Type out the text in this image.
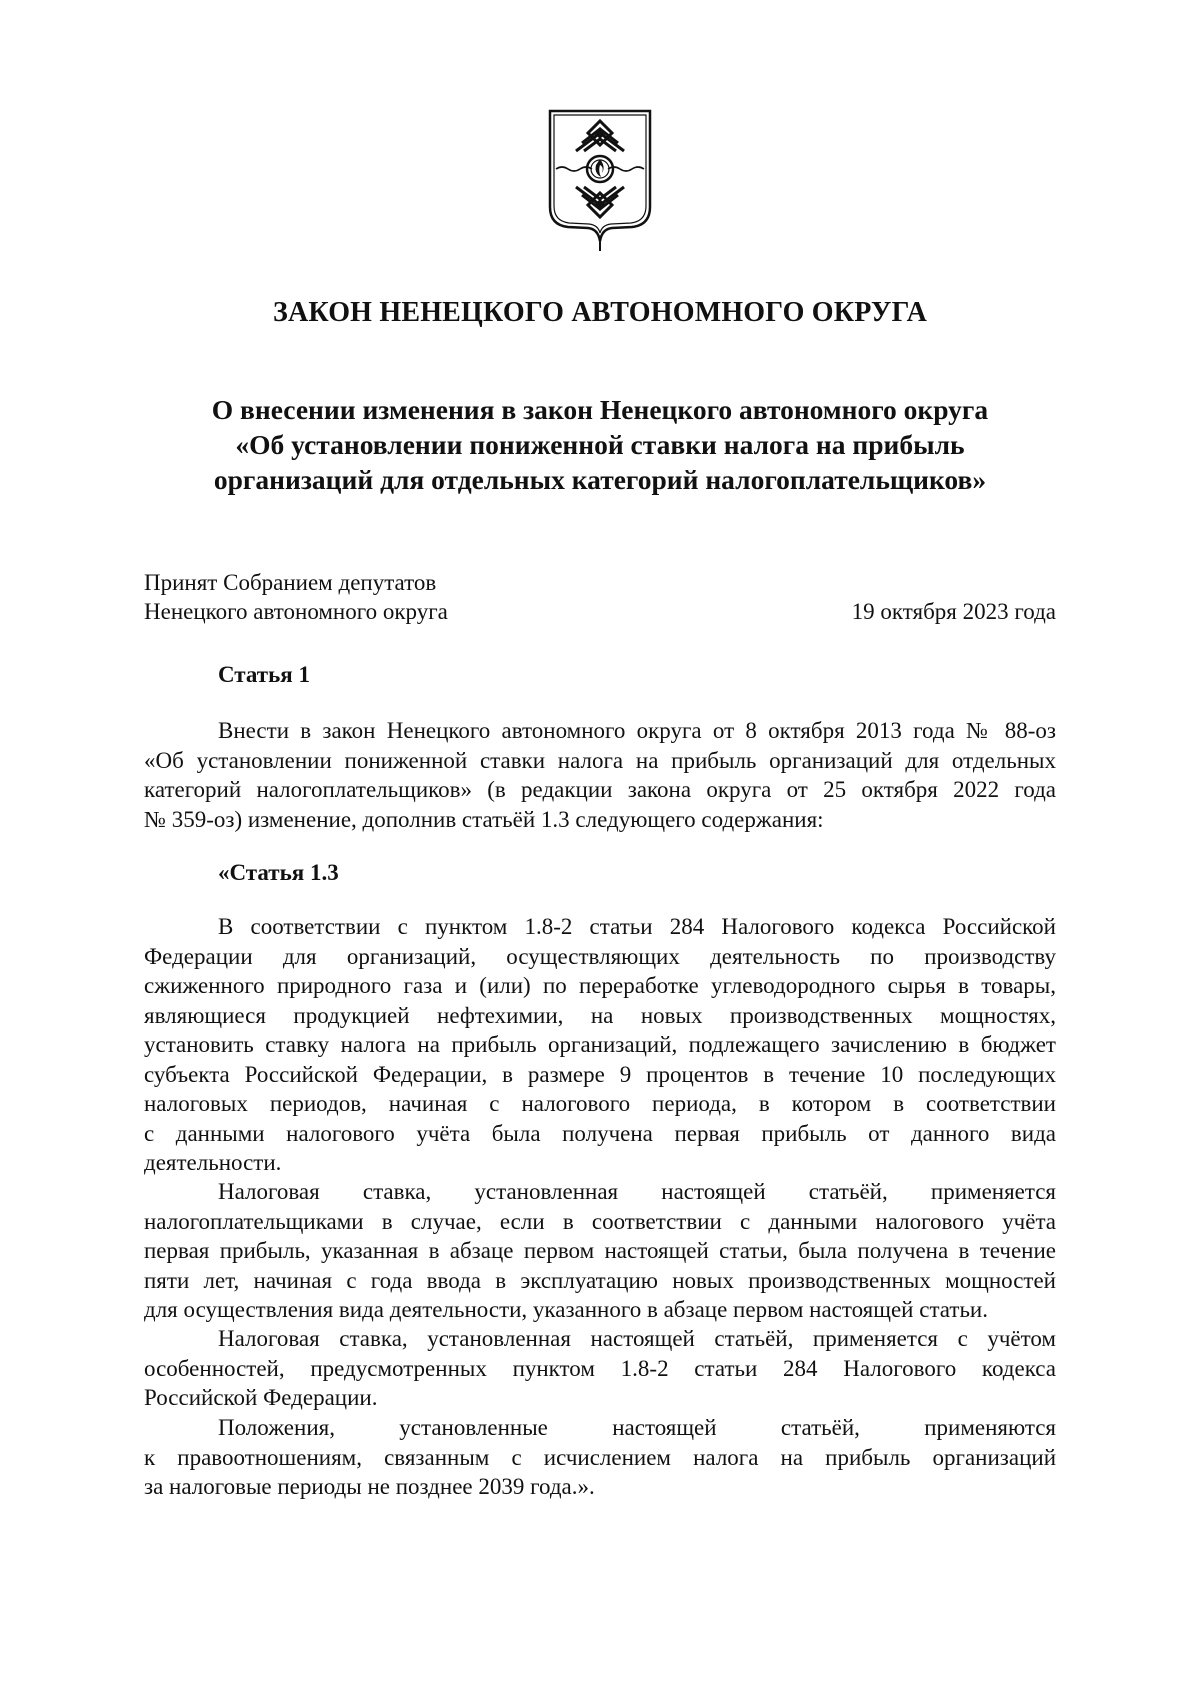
ЗАКОН НЕНЕЦКОГО АВТОНОМНОГО ОКРУГА
О внесении изменения в закон Ненецкого автономного округа
«Об установлении пониженной ставки налога на прибыль
организаций для отдельных категорий налогоплательщиков»
Принят Собранием депутатов
Ненецкого автономного округа	19 октября 2023 года
Статья 1
Внести в закон Ненецкого автономного округа от 8 октября 2013 года № 88-оз
«Об установлении пониженной ставки налога на прибыль организаций для отдельных
категорий налогоплательщиков» (в редакции закона округа от 25 октября 2022 года
№ 359-оз) изменение, дополнив статьёй 1.3 следующего содержания:
«Статья 1.3
В соответствии с пунктом 1.8-2 статьи 284 Налогового кодекса Российской
Федерации для организаций, осуществляющих деятельность по производству
сжиженного природного газа и (или) по переработке углеводородного сырья в товары,
являющиеся продукцией нефтехимии, на новых производственных мощностях,
установить ставку налога на прибыль организаций, подлежащего зачислению в бюджет
субъекта Российской Федерации, в размере 9 процентов в течение 10 последующих
налоговых периодов, начиная с налогового периода, в котором в соответствии
с данными налогового учёта была получена первая прибыль от данного вида
деятельности.
Налоговая ставка, установленная настоящей статьёй, применяется
налогоплательщиками в случае, если в соответствии с данными налогового учёта
первая прибыль, указанная в абзаце первом настоящей статьи, была получена в течение
пяти лет, начиная с года ввода в эксплуатацию новых производственных мощностей
для осуществления вида деятельности, указанного в абзаце первом настоящей статьи.
Налоговая ставка, установленная настоящей статьёй, применяется с учётом
особенностей, предусмотренных пунктом 1.8-2 статьи 284 Налогового кодекса
Российской Федерации.
Положения, установленные настоящей статьёй, применяются
к правоотношениям, связанным с исчислением налога на прибыль организаций
за налоговые периоды не позднее 2039 года.».
